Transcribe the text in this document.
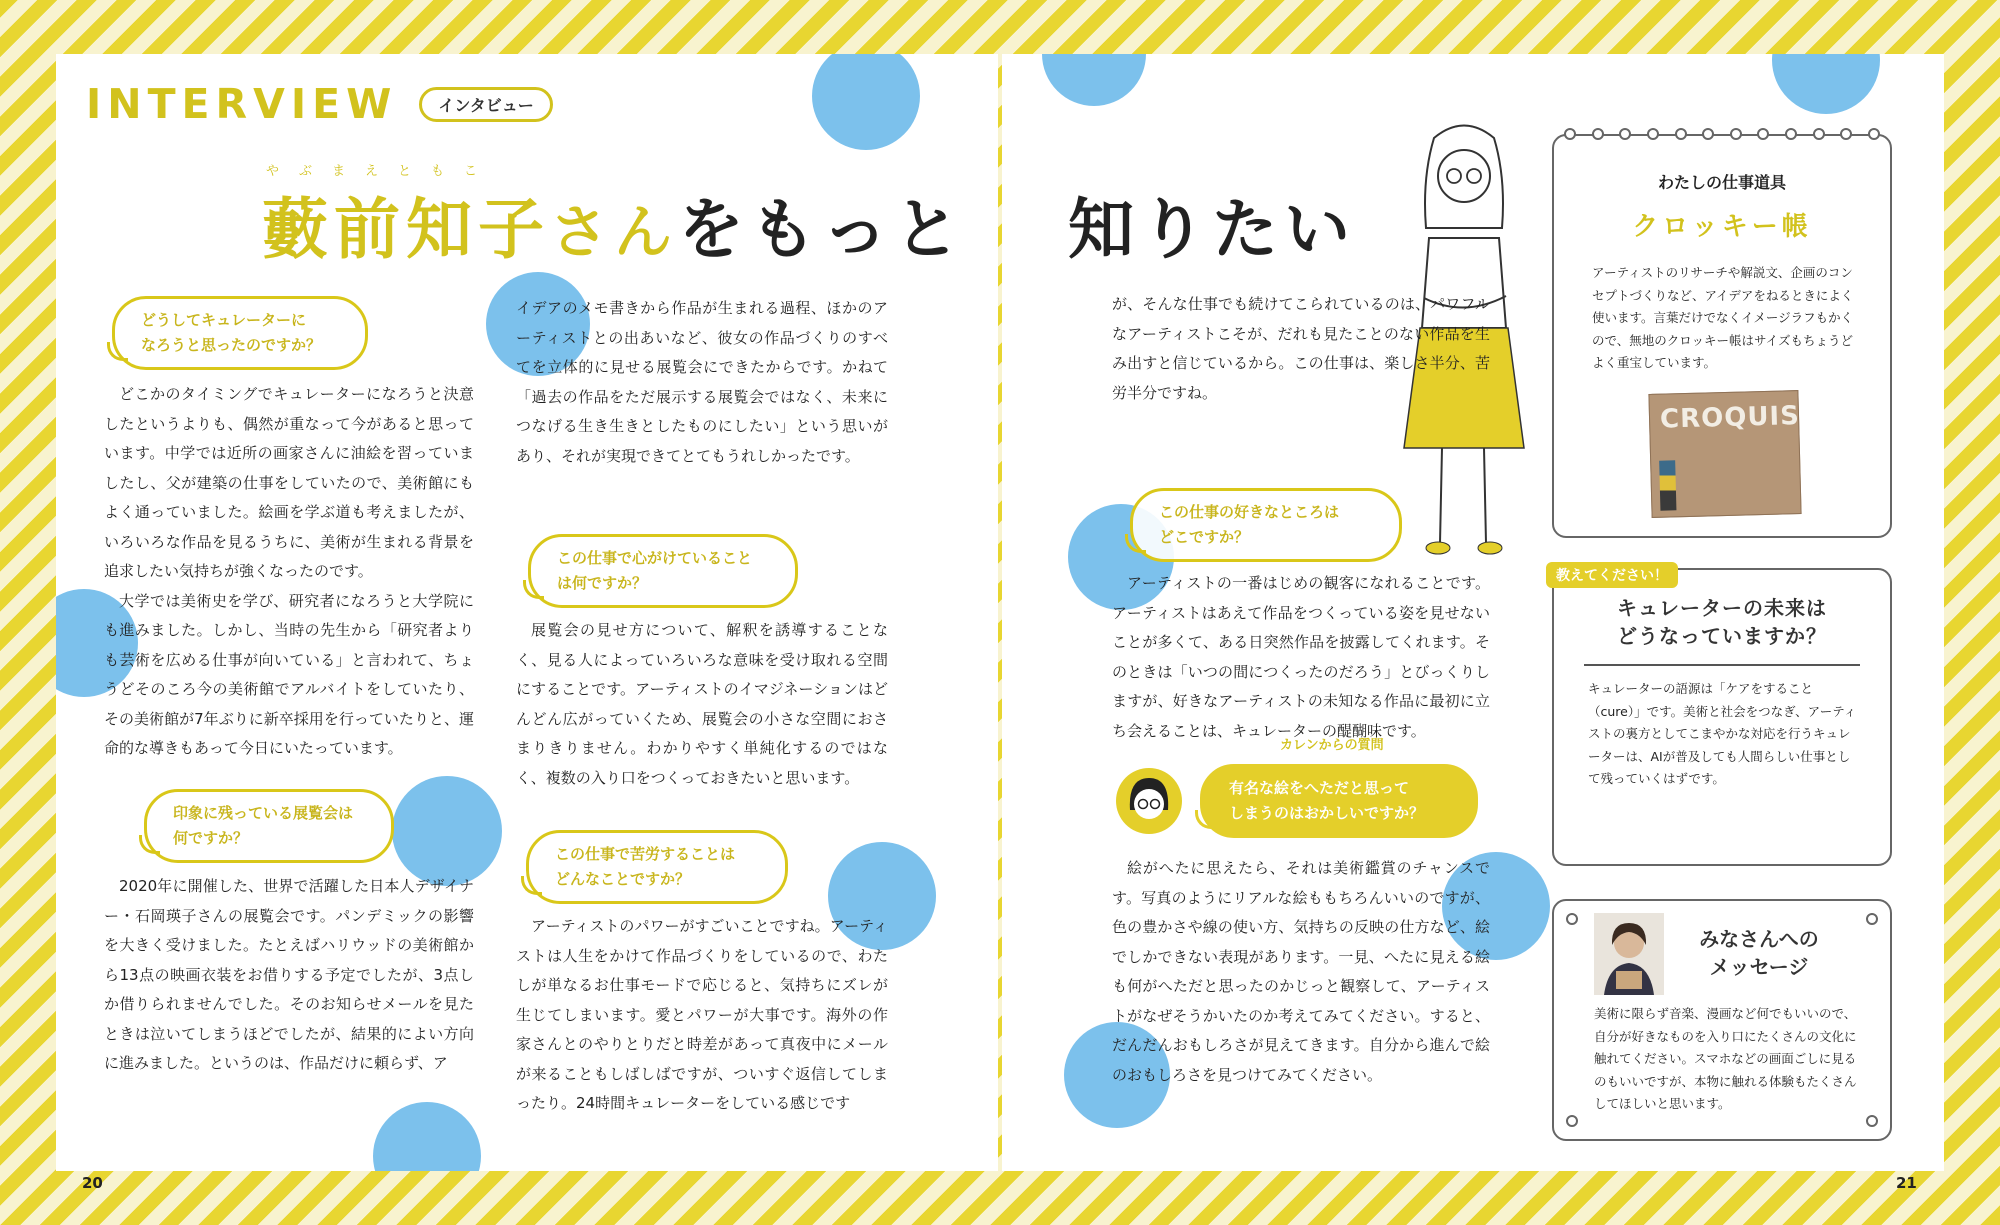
INTERVIEW	インタビュー
やぶまえともこ
藪前知子さんをもっと
どうしてキュレーターに
なろうと思ったのですか？

どこかのタイミングでキュレーターになろうと決意したというよりも、偶然が重なって今があると思っています。中学では近所の画家さんに油絵を習っていましたし、父が建築の仕事をしていたので、美術館にもよく通っていました。絵画を学ぶ道も考えましたが、いろいろな作品を見るうちに、美術が生まれる背景を追求したい気持ちが強くなったのです。

大学では美術史を学び、研究者になろうと大学院にも進みました。しかし、当時の先生から「研究者よりも芸術を広める仕事が向いている」と言われて、ちょうどそのころ今の美術館でアルバイトをしていたり、その美術館が7年ぶりに新卒採用を行っていたりと、運命的な導きもあって今日にいたっています。

印象に残っている展覧会は
何ですか？

2020年に開催した、世界で活躍した日本人デザイナー・石岡瑛子さんの展覧会です。パンデミックの影響を大きく受けました。たとえばハリウッドの美術館から13点の映画衣装をお借りする予定でしたが、3点しか借りられませんでした。そのお知らせメールを見たときは泣いてしまうほどでしたが、結果的によい方向に進みました。というのは、作品だけに頼らず、ア

イデアのメモ書きから作品が生まれる過程、ほかのアーティストとの出あいなど、彼女の作品づくりのすべてを立体的に見せる展覧会にできたからです。かねて「過去の作品をただ展示する展覧会ではなく、未来につなげる生き生きとしたものにしたい」という思いがあり、それが実現できてとてもうれしかったです。
この仕事で心がけていること
は何ですか？

展覧会の見せ方について、解釈を誘導することなく、見る人によっていろいろな意味を受け取れる空間にすることです。アーティストのイマジネーションはどんどん広がっていくため、展覧会の小さな空間におさまりきりません。わかりやすく単純化するのではなく、複数の入り口をつくっておきたいと思います。

この仕事で苦労することは
どんなことですか？

アーティストのパワーがすごいことですね。アーティストは人生をかけて作品づくりをしているので、わたしが単なるお仕事モードで応じると、気持ちにズレが生じてしまいます。愛とパワーが大事です。海外の作家さんとのやりとりだと時差があって真夜中にメールが来ることもしばしばですが、ついすぐ返信してしまったり。24時間キュレーターをしている感じです

知りたい
が、そんな仕事でも続けてこられているのは、パワフルなアーティストこそが、だれも見たことのない作品を生み出すと信じているから。この仕事は、楽しさ半分、苦労半分ですね。
この仕事の好きなところは
どこですか？

アーティストの一番はじめの観客になれることです。アーティストはあえて作品をつくっている姿を見せないことが多くて、ある日突然作品を披露してくれます。そのときは「いつの間につくったのだろう」とびっくりしますが、好きなアーティストの未知なる作品に最初に立ち会えることは、キュレーターの醍醐味です。

カレンからの質問
有名な絵をへただと思って
しまうのはおかしいですか？

絵がへたに思えたら、それは美術鑑賞のチャンスです。写真のようにリアルな絵ももちろんいいのですが、色の豊かさや線の使い方、気持ちの反映の仕方など、絵でしかできない表現があります。一見、へたに見える絵も何がへただと思ったのかじっと観察して、アーティストがなぜそうかいたのか考えてみてください。すると、だんだんおもしろさが見えてきます。自分から進んで絵のおもしろさを見つけてみてください。

わたしの仕事道具
クロッキー帳
アーティストのリサーチや解説文、企画のコンセプトづくりなど、アイデアをねるときによく使います。言葉だけでなくイメージラフもかくので、無地のクロッキー帳はサイズもちょうどよく重宝しています。
CROQUIS
キュレーターの未来は
どうなっていますか？
キュレーターの語源は「ケアをすること（cure）」です。美術と社会をつなぎ、アーティストの裏方としてこまやかな対応を行うキュレーターは、AIが普及しても人間らしい仕事として残っていくはずです。
教えてください！
みなさんへの
メッセージ
美術に限らず音楽、漫画など何でもいいので、自分が好きなものを入り口にたくさんの文化に触れてください。スマホなどの画面ごしに見るのもいいですが、本物に触れる体験もたくさんしてほしいと思います。
20	21
